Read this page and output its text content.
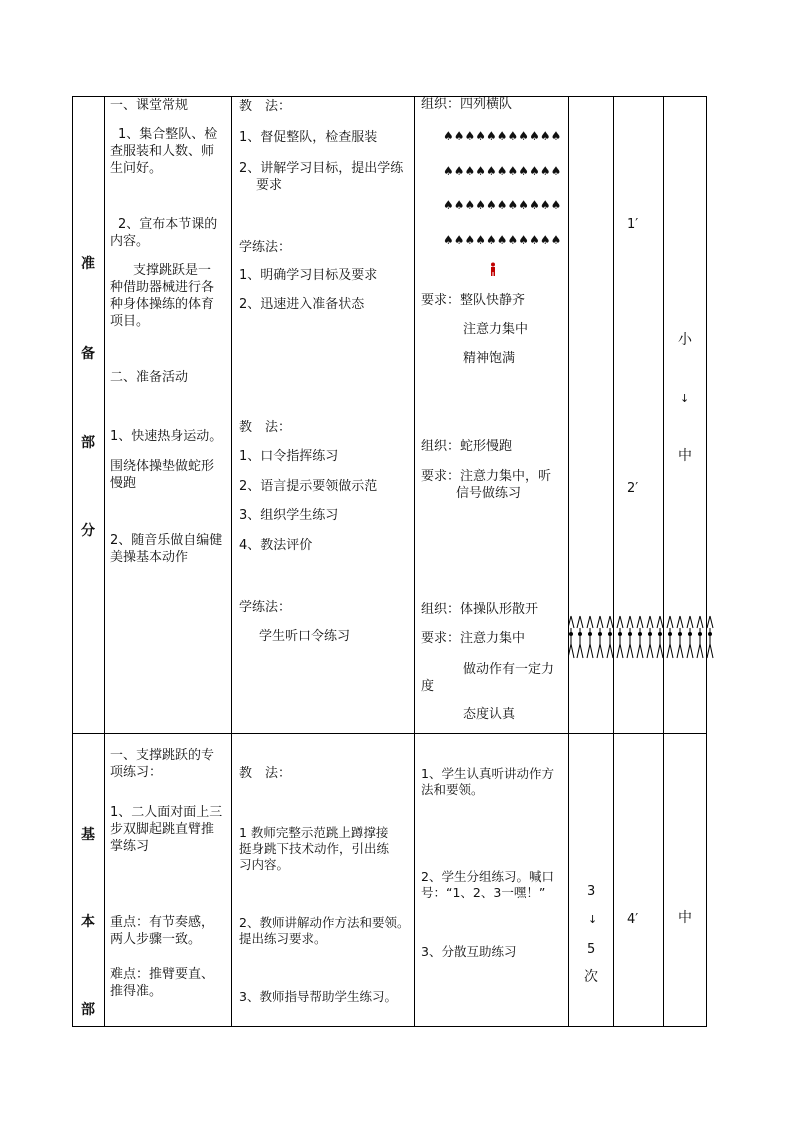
准
备
部
分
一、课堂常规
1、集合整队、检
查服装和人数、师
生问好。
2、宣布本节课的
内容。
支撑跳跃是一
种借助器械进行各
种身体操练的体育
项目。
二、准备活动
1、快速热身运动。
围绕体操垫做蛇形
慢跑
2、随音乐做自编健
美操基本动作
教　法：
1、督促整队，检查服装
2、讲解学习目标，提出学练
要求
学练法：
1、明确学习目标及要求
2、迅速进入准备状态
教　法：
1、口令指挥练习
2、语言提示要领做示范
3、组织学生练习
4、教法评价
学练法：
学生听口令练习
组织：四列横队
♠♠♠♠♠♠♠♠♠♠♠
♠♠♠♠♠♠♠♠♠♠♠
♠♠♠♠♠♠♠♠♠♠♠
♠♠♠♠♠♠♠♠♠♠♠
要求：整队快静齐
注意力集中
精神饱满
组织：蛇形慢跑
要求：注意力集中，听
信号做练习
组织：体操队形散开
要求：注意力集中
做动作有一定力
度
态度认真
1′
2′
小
↓
中
基
本
部
一、支撑跳跃的专
项练习：
1、二人面对面上三
步双脚起跳直臂推
掌练习
重点：有节奏感，
两人步骤一致。
难点：推臂要直、
推得准。
教　法：
1 教师完整示范跳上蹲撑接
挺身跳下技术动作，引出练
习内容。
2、教师讲解动作方法和要领。
提出练习要求。
3、教师指导帮助学生练习。
1、学生认真听讲动作方
法和要领。
2、学生分组练习。喊口
号：“1、2、3一嘿！”
3、分散互助练习
3
↓
5
次
4′	中
